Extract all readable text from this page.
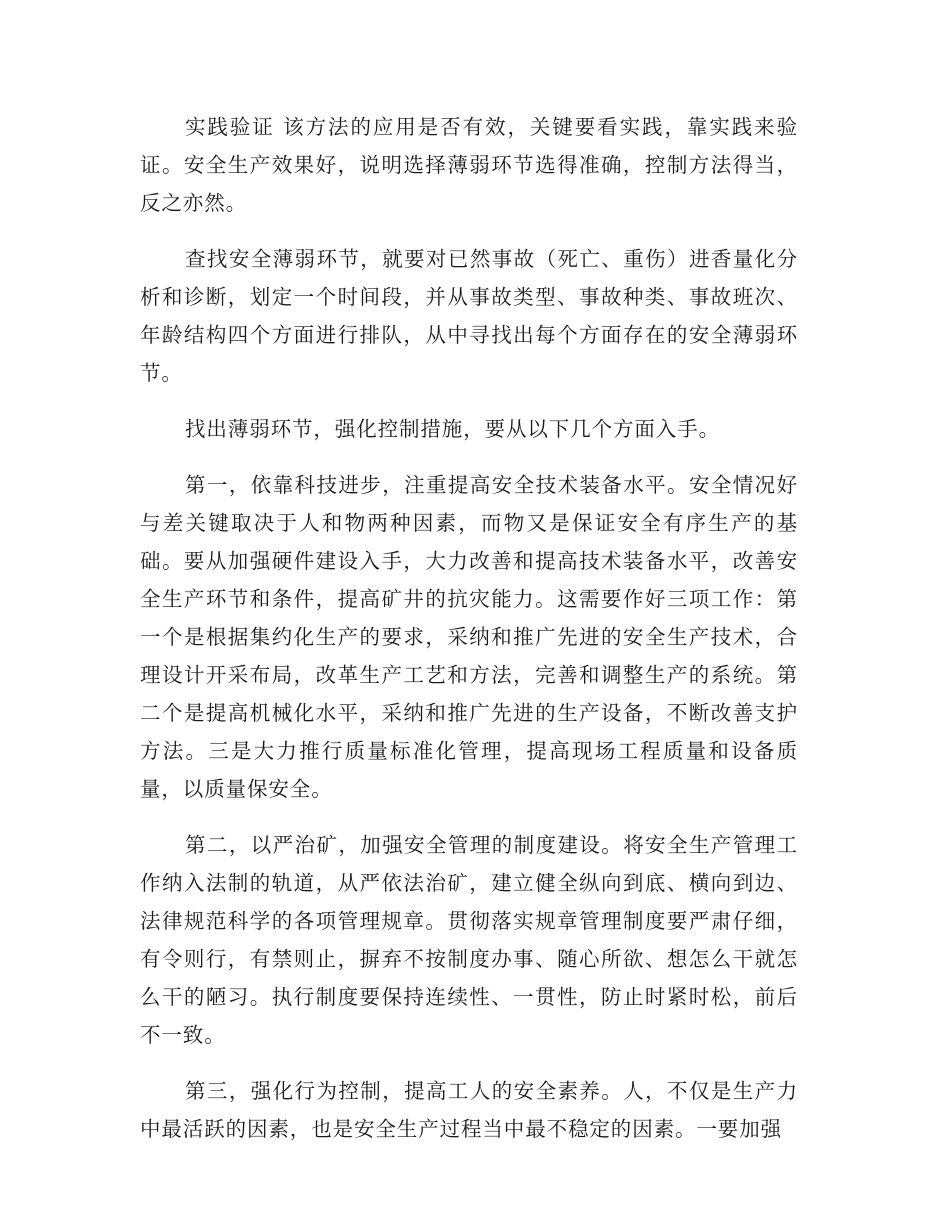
实践验证 该方法的应用是否有效，关键要看实践，靠实践来验证。安全生产效果好，说明选择薄弱环节选得准确，控制方法得当，反之亦然。

查找安全薄弱环节，就要对已然事故（死亡、重伤）进香量化分析和诊断，划定一个时间段，并从事故类型、事故种类、事故班次、年龄结构四个方面进行排队，从中寻找出每个方面存在的安全薄弱环节。

找出薄弱环节，强化控制措施，要从以下几个方面入手。

第一，依靠科技进步，注重提高安全技术装备水平。安全情况好与差关键取决于人和物两种因素，而物又是保证安全有序生产的基础。要从加强硬件建设入手，大力改善和提高技术装备水平，改善安全生产环节和条件，提高矿井的抗灾能力。这需要作好三项工作：第一个是根据集约化生产的要求，采纳和推广先进的安全生产技术，合理设计开采布局，改革生产工艺和方法，完善和调整生产的系统。第二个是提高机械化水平，采纳和推广先进的生产设备，不断改善支护方法。三是大力推行质量标准化管理，提高现场工程质量和设备质量，以质量保安全。

第二，以严治矿，加强安全管理的制度建设。将安全生产管理工作纳入法制的轨道，从严依法治矿，建立健全纵向到底、横向到边、法律规范科学的各项管理规章。贯彻落实规章管理制度要严肃仔细，有令则行，有禁则止，摒弃不按制度办事、随心所欲、想怎么干就怎么干的陋习。执行制度要保持连续性、一贯性，防止时紧时松，前后不一致。

第三，强化行为控制，提高工人的安全素养。人，不仅是生产力中最活跃的因素，也是安全生产过程当中最不稳定的因素。一要加强
